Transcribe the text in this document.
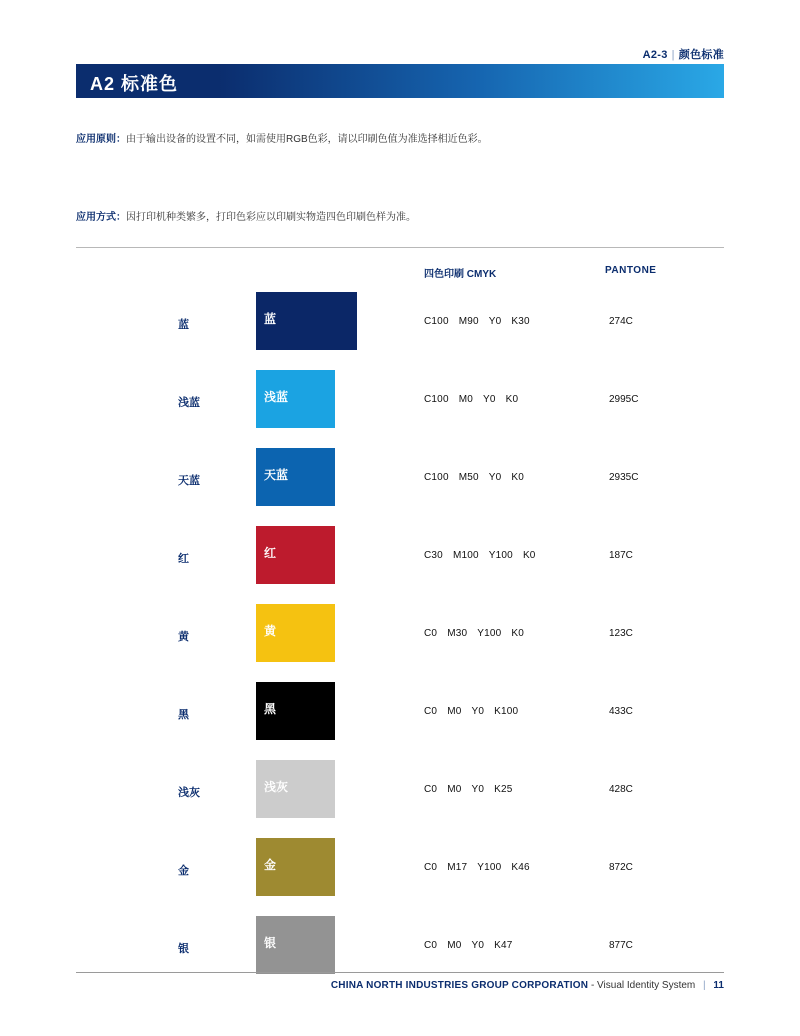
A2-3 | 颜色标准
A2 标准色
应用原则：由于输出设备的设置不同，如需使用RGB色彩，请以印刷色值为准选择相近色彩。
应用方式：因打印机种类繁多，打印色彩应以印刷实物造四色印刷色样为准。
四色印刷 CMYK	PANTONE
蓝	蓝	C100 M90 Y0 K30	274C
浅蓝	浅蓝	C100 M0 Y0 K0	2995C
天蓝	天蓝	C100 M50 Y0 K0	2935C
红	红	C30 M100 Y100 K0	187C
黄	黄	C0 M30 Y100 K0	123C
黑	黑	C0 M0 Y0 K100	433C
浅灰	浅灰	C0 M0 Y0 K25	428C
金	金	C0 M17 Y100 K46	872C
银	银	C0 M0 Y0 K47	877C
CHINA NORTH INDUSTRIES GROUP CORPORATION - Visual Identity System | 11
